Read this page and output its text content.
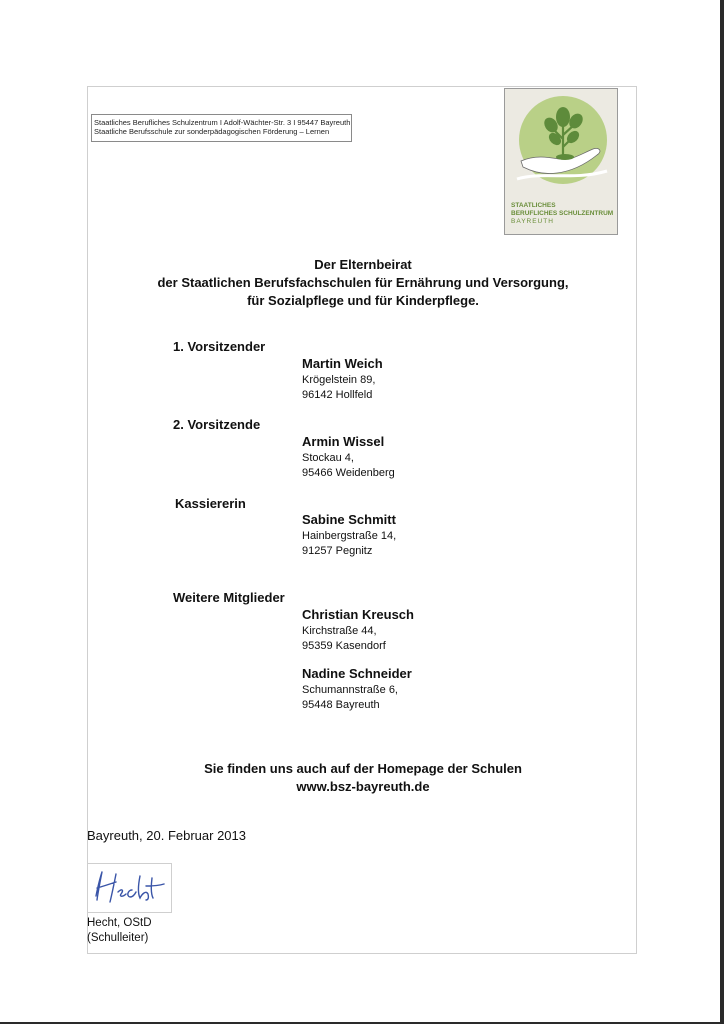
Staatliches Berufliches Schulzentrum I Adolf-Wächter-Str. 3 I 95447 Bayreuth
Staatliche Berufsschule zur sonderpädagogischen Förderung – Lernen
STAATLICHES
BERUFLICHES SCHULZENTRUM
BAYREUTH
Der Elternbeirat
der Staatlichen Berufsfachschulen für Ernährung und Versorgung,
für Sozialpflege und für Kinderpflege.
1. Vorsitzender
Martin Weich
Krögelstein 89,
96142 Hollfeld
2. Vorsitzende
Armin Wissel
Stockau 4,
95466 Weidenberg
Kassiererin
Sabine Schmitt
Hainbergstraße 14,
91257 Pegnitz
Weitere Mitglieder
Christian Kreusch
Kirchstraße 44,
95359 Kasendorf
Nadine Schneider
Schumannstraße 6,
95448 Bayreuth
Sie finden uns auch auf der Homepage der Schulen
www.bsz-bayreuth.de
Bayreuth, 20. Februar 2013
Hecht, OStD
(Schulleiter)
